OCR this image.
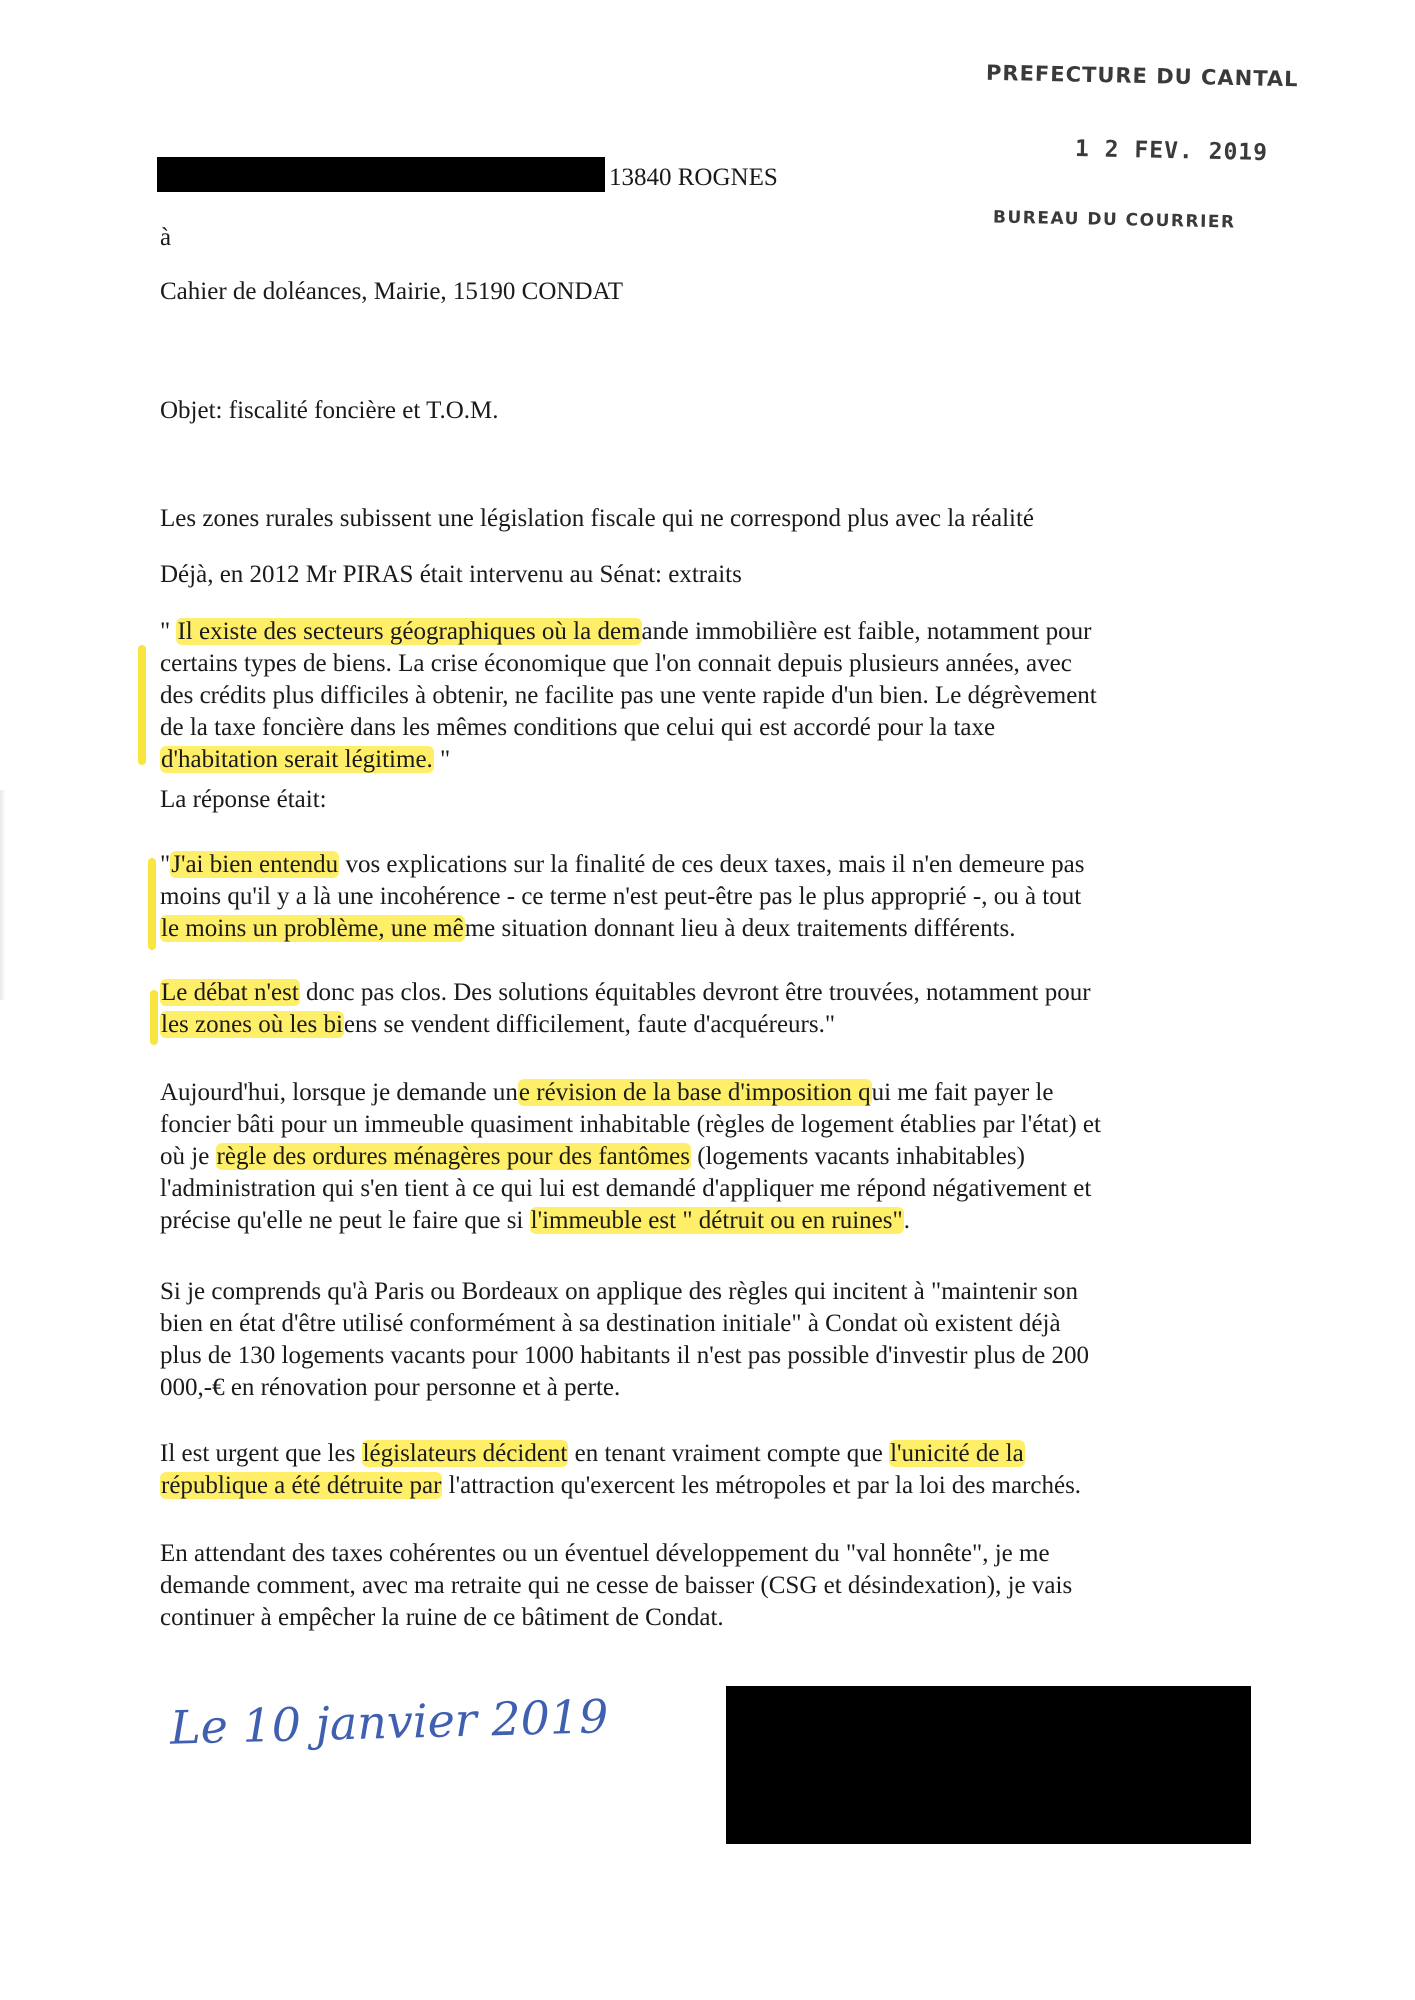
PREFECTURE DU CANTAL
1 2 FEV. 2019
BUREAU DU COURRIER
13840 ROGNES
à
Cahier de doléances, Mairie, 15190 CONDAT
Objet: fiscalité foncière et T.O.M.
Les zones rurales subissent une législation fiscale qui ne correspond plus avec la réalité
Déjà, en 2012 Mr PIRAS était intervenu au Sénat: extraits
" Il existe des secteurs géographiques où la demande immobilière est faible, notamment pour
certains types de biens. La crise économique que l'on connait depuis plusieurs années, avec
des crédits plus difficiles à obtenir, ne facilite pas une vente rapide d'un bien. Le dégrèvement
de la taxe foncière dans les mêmes conditions que celui qui est accordé pour la taxe
d'habitation serait légitime. "
La réponse était:
"J'ai bien entendu vos explications sur la finalité de ces deux taxes, mais il n'en demeure pas
moins qu'il y a là une incohérence - ce terme n'est peut-être pas le plus approprié -, ou à tout
le moins un problème, une même situation donnant lieu à deux traitements différents.
Le débat n'est donc pas clos. Des solutions équitables devront être trouvées, notamment pour
les zones où les biens se vendent difficilement, faute d'acquéreurs."
Aujourd'hui, lorsque je demande une révision de la base d'imposition qui me fait payer le
foncier bâti pour un immeuble quasiment inhabitable (règles de logement établies par l'état) et
où je règle des ordures ménagères pour des fantômes (logements vacants inhabitables)
l'administration qui s'en tient à ce qui lui est demandé d'appliquer me répond négativement et
précise qu'elle ne peut le faire que si l'immeuble est " détruit ou en ruines".
Si je comprends qu'à Paris ou Bordeaux on applique des règles qui incitent à "maintenir son
bien en état d'être utilisé conformément à sa destination initiale" à Condat où existent déjà
plus de 130 logements vacants pour 1000 habitants il n'est pas possible d'investir plus de 200
000,-€ en rénovation pour personne et à perte.
Il est urgent que les législateurs décident en tenant vraiment compte que l'unicité de la
république a été détruite par l'attraction qu'exercent les métropoles et par la loi des marchés.
En attendant des taxes cohérentes ou un éventuel développement du "val honnête", je me
demande comment, avec ma retraite qui ne cesse de baisser (CSG et désindexation), je vais
continuer à empêcher la ruine de ce bâtiment de Condat.
Le 10 janvier 2019
